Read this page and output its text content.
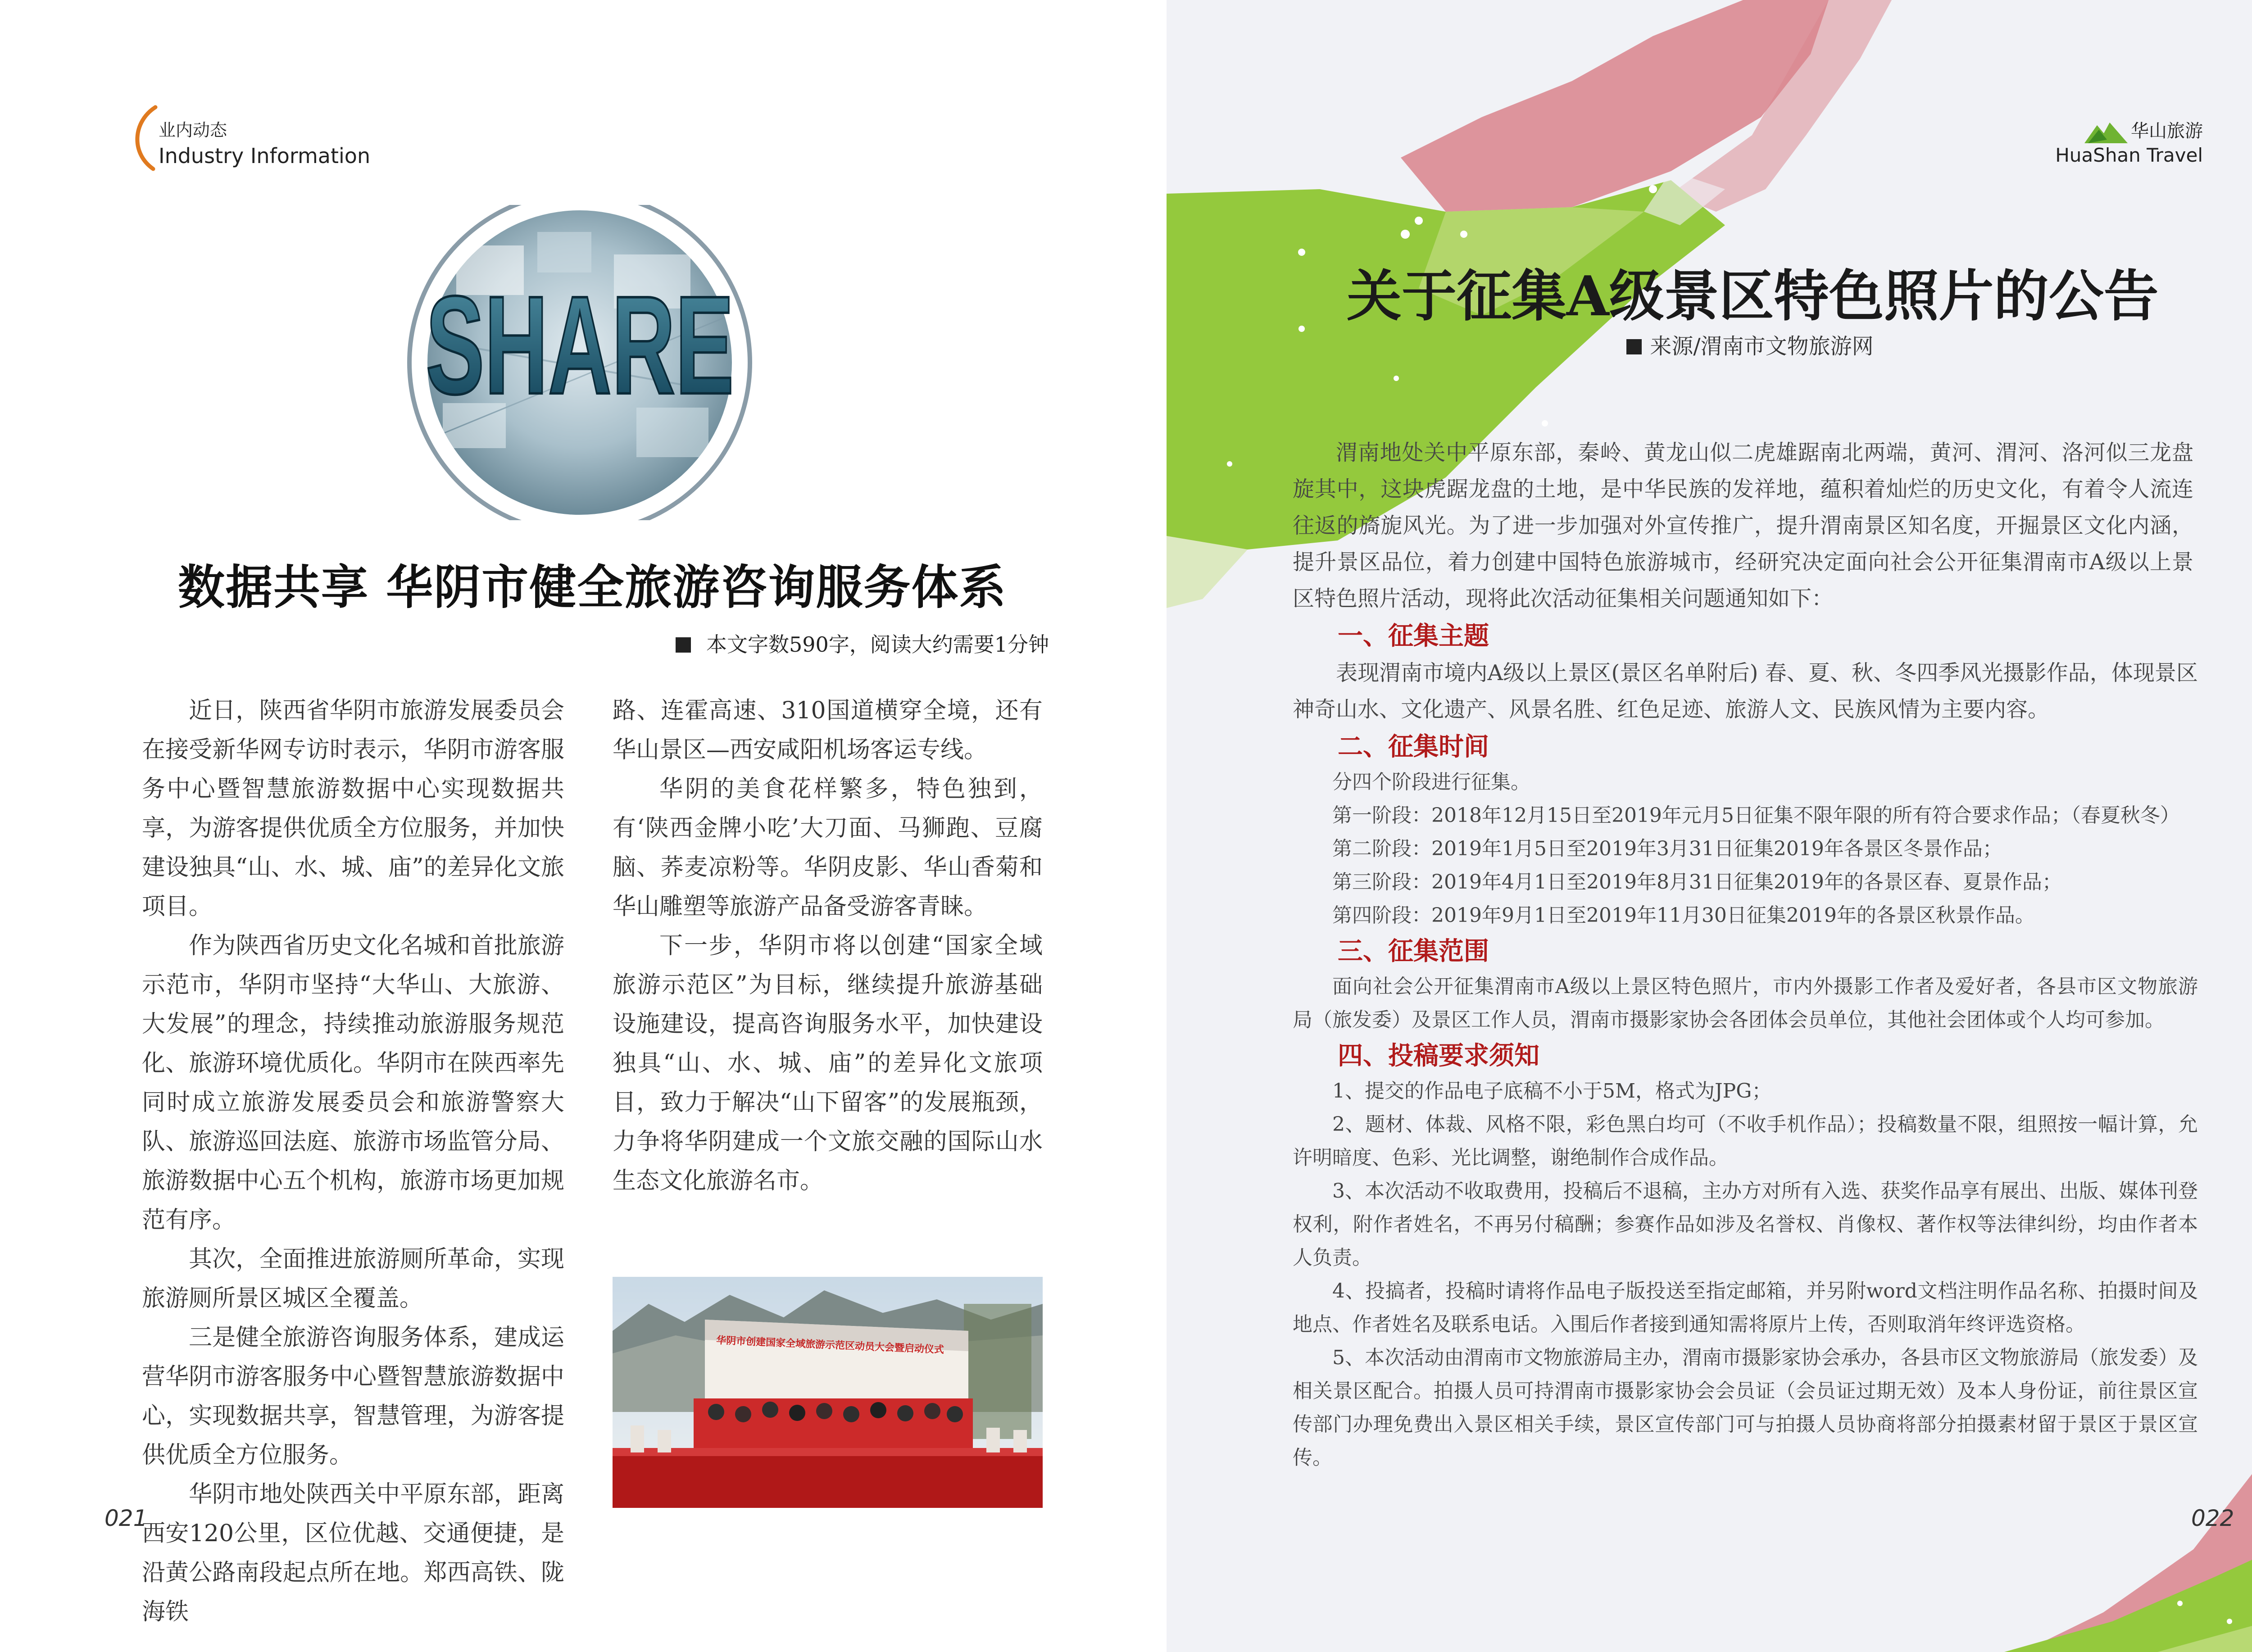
业内动态
Industry Information
SHARE
数据共享 华阴市健全旅游咨询服务体系
本文字数590字，阅读大约需要1分钟

近日，陕西省华阴市旅游发展委员会在接受新华网专访时表示，华阴市游客服务中心暨智慧旅游数据中心实现数据共享，为游客提供优质全方位服务，并加快建设独具“山、水、城、庙”的差异化文旅项目。

作为陕西省历史文化名城和首批旅游示范市，华阴市坚持“大华山、大旅游、大发展”的理念，持续推动旅游服务规范化、旅游环境优质化。华阴市在陕西率先同时成立旅游发展委员会和旅游警察大队、旅游巡回法庭、旅游市场监管分局、旅游数据中心五个机构，旅游市场更加规范有序。

其次，全面推进旅游厕所革命，实现旅游厕所景区城区全覆盖。

三是健全旅游咨询服务体系，建成运营华阴市游客服务中心暨智慧旅游数据中心，实现数据共享，智慧管理，为游客提供优质全方位服务。

华阴市地处陕西关中平原东部，距离西安120公里，区位优越、交通便捷，是沿黄公路南段起点所在地。郑西高铁、陇海铁

路、连霍高速、310国道横穿全境，还有华山景区—西安咸阳机场客运专线。

华阴的美食花样繁多，特色独到，有‘陕西金牌小吃’大刀面、马狮跑、豆腐脑、荞麦凉粉等。华阴皮影、华山香菊和华山雕塑等旅游产品备受游客青睐。

下一步，华阴市将以创建“国家全域旅游示范区”为目标，继续提升旅游基础设施建设，提高咨询服务水平，加快建设独具“山、水、城、庙”的差异化文旅项目，致力于解决“山下留客”的发展瓶颈，力争将华阴建成一个文旅交融的国际山水生态文化旅游名市。

华阴市创建国家全域旅游示范区动员大会暨启动仪式
021
华山旅游
HuaShan Travel
关于征集A级景区特色照片的公告
来源/渭南市文物旅游网

渭南地处关中平原东部，秦岭、黄龙山似二虎雄踞南北两端，黄河、渭河、洛河似三龙盘旋其中，这块虎踞龙盘的土地，是中华民族的发祥地，蕴积着灿烂的历史文化，有着令人流连往返的旖旎风光。为了进一步加强对外宣传推广，提升渭南景区知名度，开掘景区文化内涵，提升景区品位，着力创建中国特色旅游城市，经研究决定面向社会公开征集渭南市A级以上景区特色照片活动，现将此次活动征集相关问题通知如下：

一、征集主题

表现渭南市境内A级以上景区(景区名单附后) 春、夏、秋、冬四季风光摄影作品，体现景区神奇山水、文化遗产、风景名胜、红色足迹、旅游人文、民族风情为主要内容。

二、征集时间

分四个阶段进行征集。

第一阶段：2018年12月15日至2019年元月5日征集不限年限的所有符合要求作品；（春夏秋冬）

第二阶段：2019年1月5日至2019年3月31日征集2019年各景区冬景作品；

第三阶段：2019年4月1日至2019年8月31日征集2019年的各景区春、夏景作品；

第四阶段：2019年9月1日至2019年11月30日征集2019年的各景区秋景作品。

三、征集范围

面向社会公开征集渭南市A级以上景区特色照片，市内外摄影工作者及爱好者，各县市区文物旅游局（旅发委）及景区工作人员，渭南市摄影家协会各团体会员单位，其他社会团体或个人均可参加。

四、投稿要求须知

1、提交的作品电子底稿不小于5M，格式为JPG；

2、题材、体裁、风格不限，彩色黑白均可（不收手机作品）；投稿数量不限，组照按一幅计算，允许明暗度、色彩、光比调整，谢绝制作合成作品。

3、本次活动不收取费用，投稿后不退稿，主办方对所有入选、获奖作品享有展出、出版、媒体刊登权利，附作者姓名，不再另付稿酬；参赛作品如涉及名誉权、肖像权、著作权等法律纠纷，均由作者本人负责。

4、投搞者，投稿时请将作品电子版投送至指定邮箱，并另附word文档注明作品名称、拍摄时间及地点、作者姓名及联系电话。入围后作者接到通知需将原片上传，否则取消年终评选资格。

5、本次活动由渭南市文物旅游局主办，渭南市摄影家协会承办，各县市区文物旅游局（旅发委）及相关景区配合。拍摄人员可持渭南市摄影家协会会员证（会员证过期无效）及本人身份证，前往景区宣传部门办理免费出入景区相关手续，景区宣传部门可与拍摄人员协商将部分拍摄素材留于景区于景区宣传。

022
